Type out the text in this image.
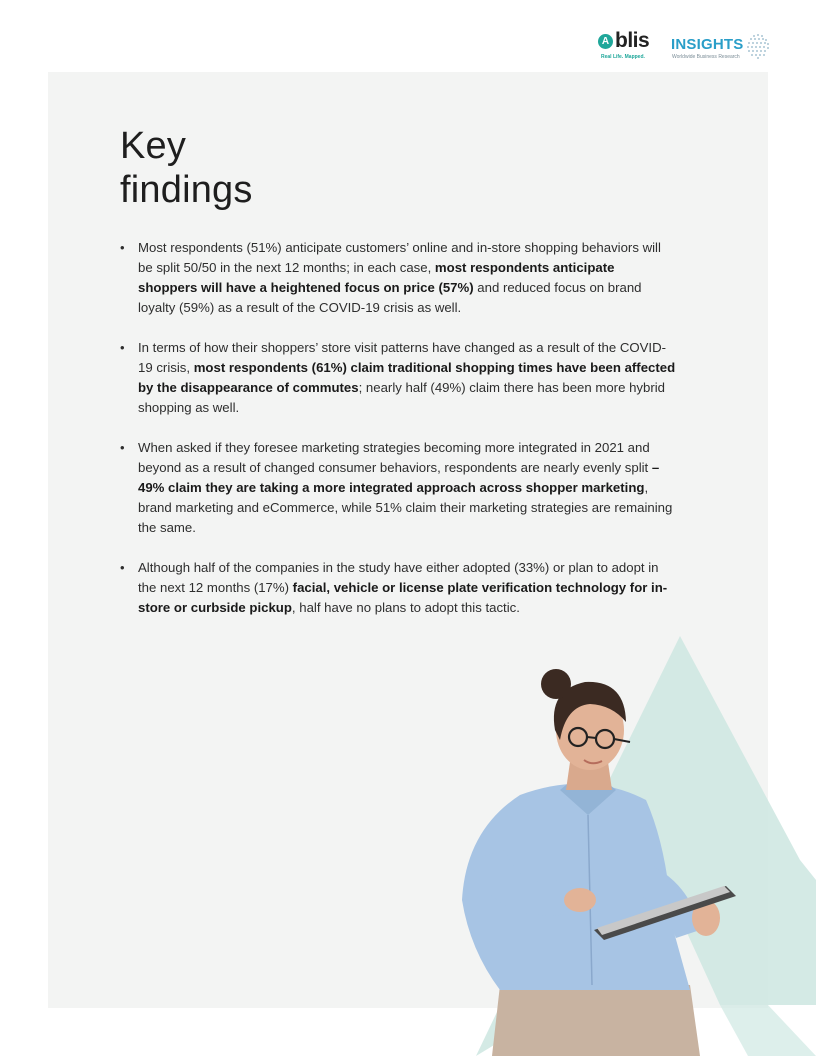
A blis
Real Life. Mapped.
INSIGHTS
Worldwide Business Research
Key
findings
• Most respondents (51%) anticipate customers’ online and in-store shopping behaviors will be split 50/50 in the next 12 months; in each case, most respondents anticipate shoppers will have a heightened focus on price (57%) and reduced focus on brand loyalty (59%) as a result of the COVID-19 crisis as well.
• In terms of how their shoppers’ store visit patterns have changed as a result of the COVID-19 crisis, most respondents (61%) claim traditional shopping times have been affected by the disappearance of commutes; nearly half (49%) claim there has been more hybrid shopping as well.
• When asked if they foresee marketing strategies becoming more integrated in 2021 and beyond as a result of changed consumer behaviors, respondents are nearly evenly split – 49% claim they are taking a more integrated approach across shopper marketing, brand marketing and eCommerce, while 51% claim their marketing strategies are remaining the same.
• Although half of the companies in the study have either adopted (33%) or plan to adopt in the next 12 months (17%) facial, vehicle or license plate verification technology for in-store or curbside pickup, half have no plans to adopt this tactic.
